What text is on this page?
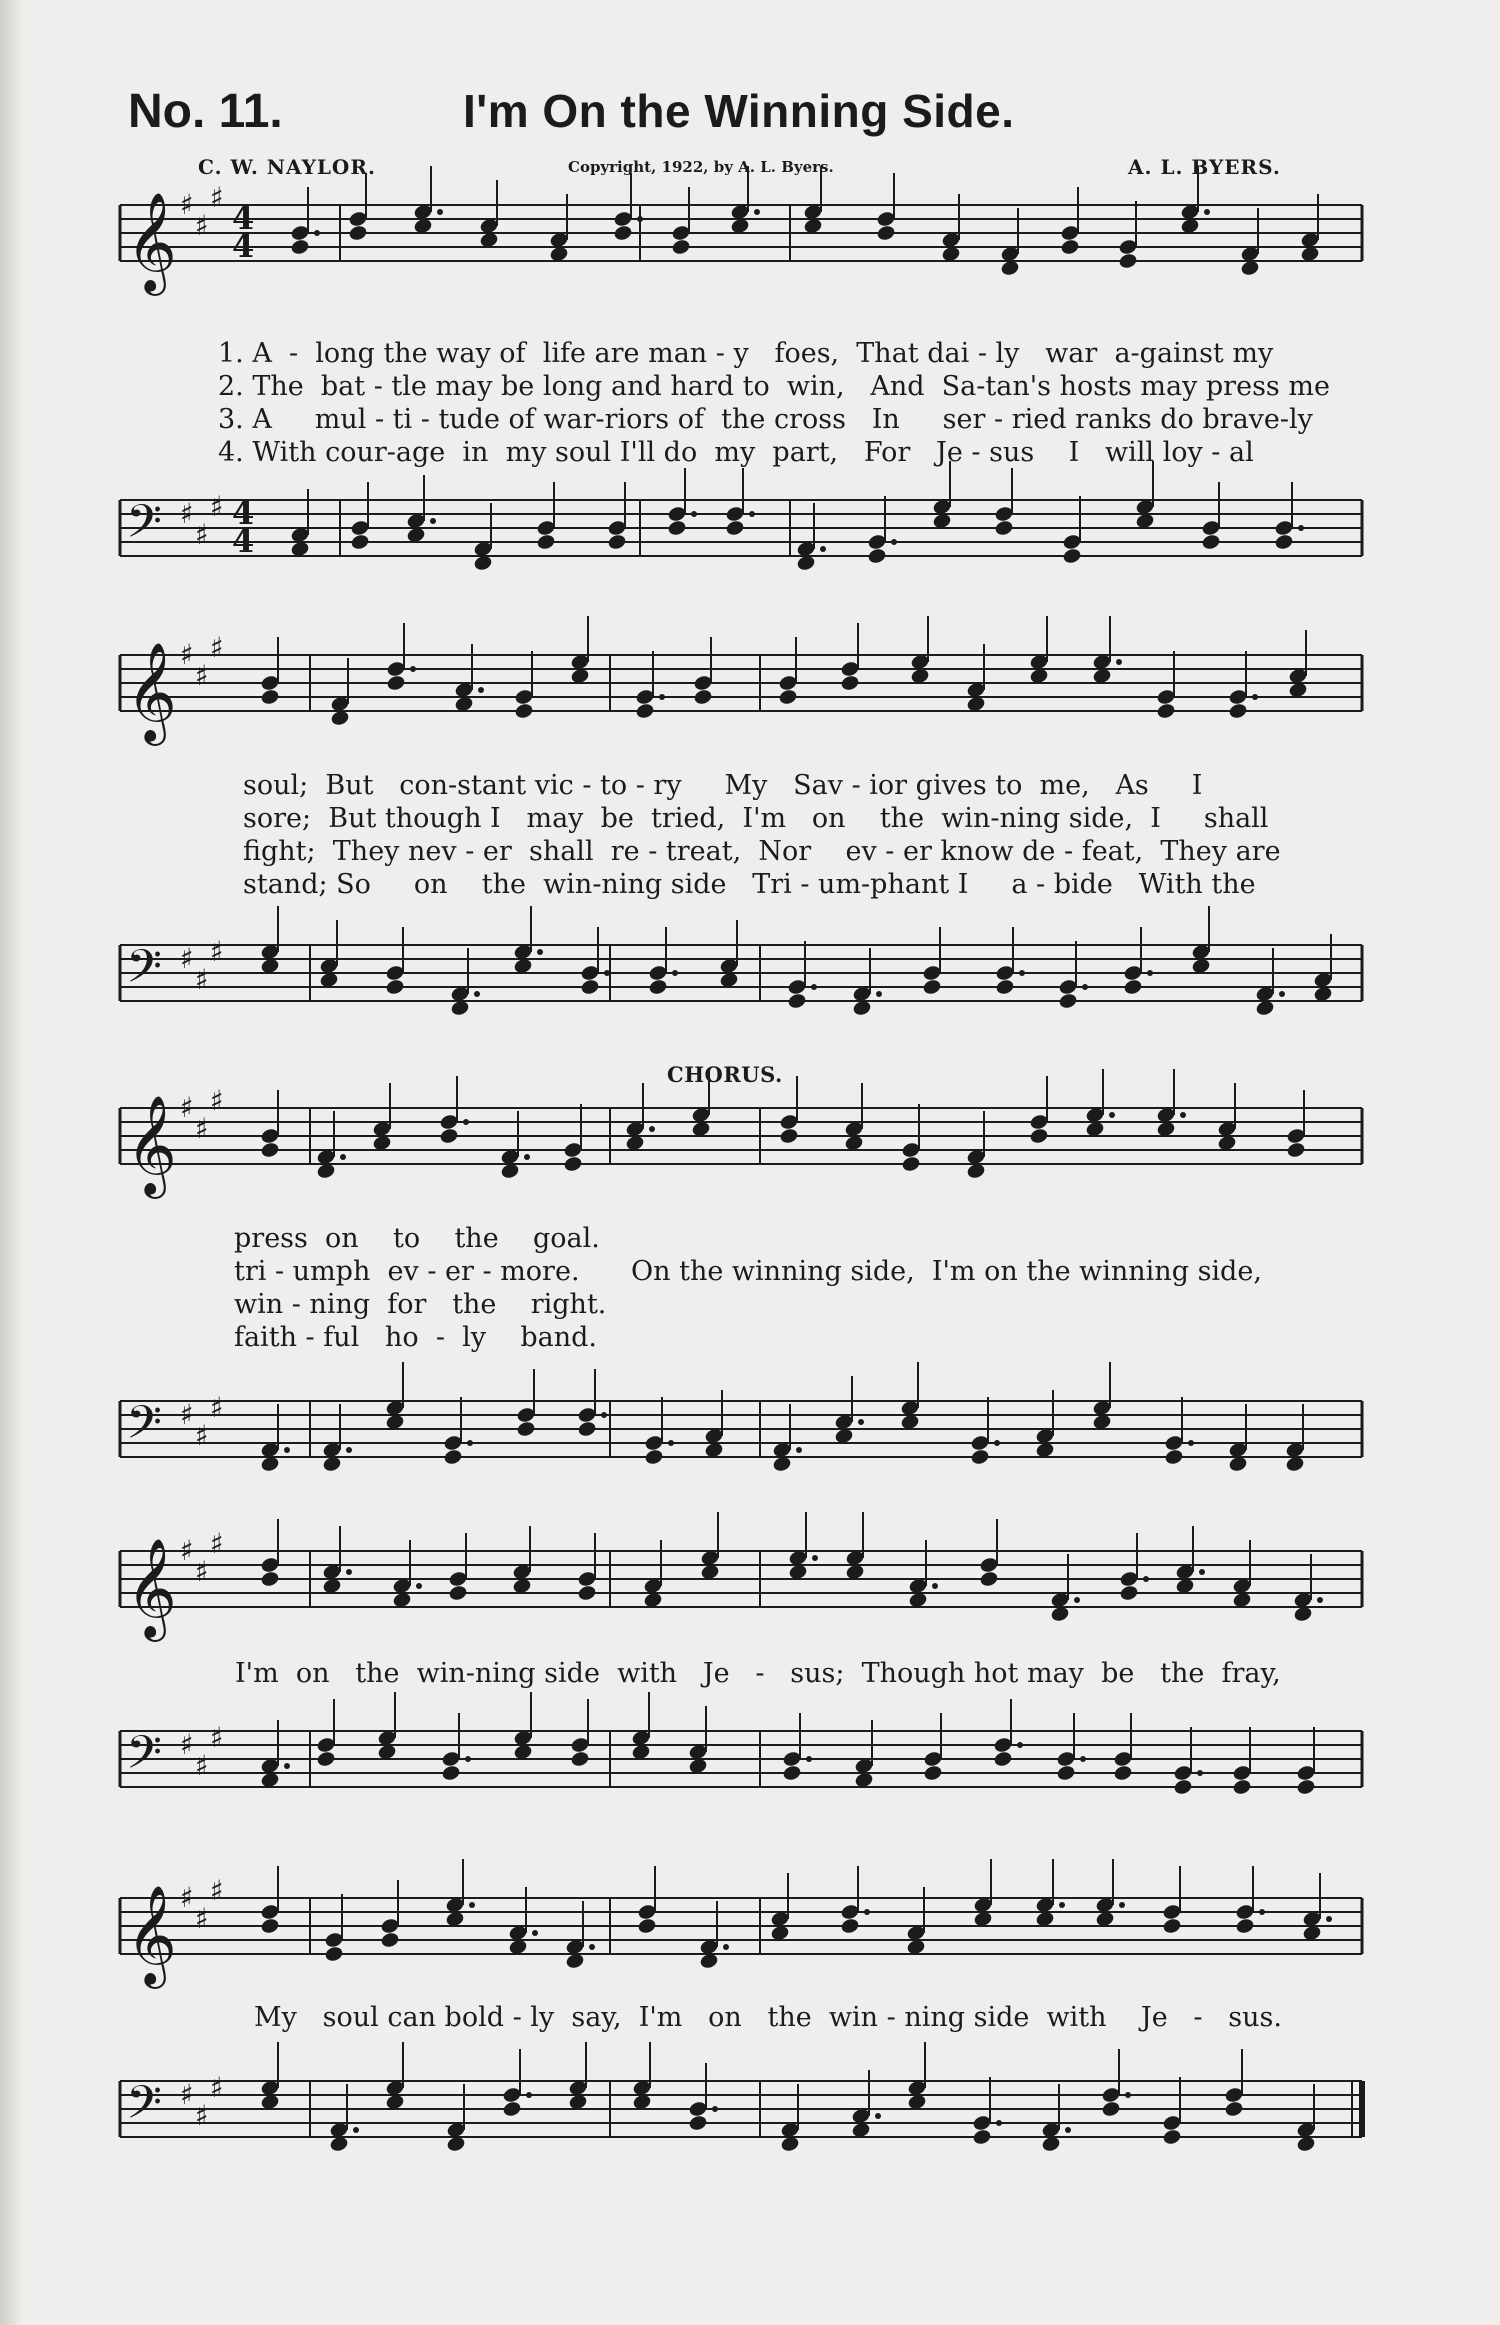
No. 11.	I'm On the Winning Side.
C. W. NAYLOR.	Copyright, 1922, by A. L. Byers.	A. L. BYERS.
𝄞 ♯
♯
♯
4
4

1. A  -  long the way of  life are man - y   foes,  That dai - ly   war  a-gainst my

2. The  bat - tle may be long and hard to  win,   And  Sa-tan's hosts may press me

3. A     mul - ti - tude of war-riors of  the cross   In     ser - ried ranks do brave-ly

4. With cour-age  in  my soul I'll do  my  part,   For   Je - sus    I   will loy - al

𝄢 ♯
♯
♯ 4
4
𝄞 ♯
♯
♯

soul;  But   con-stant vic - to - ry     My   Sav - ior gives to  me,   As     I

sore;  But though I   may  be  tried,  I'm   on    the  win-ning side,  I     shall

fight;  They nev - er  shall  re - treat,  Nor    ev - er know de - feat,  They are

stand; So     on    the  win-ning side   Tri - um-phant I     a - bide   With the

𝄢 ♯
♯
♯
CHORUS.
𝄞 ♯
♯
♯

press  on    to    the    goal.

tri - umph  ev - er - more.      On the winning side,  I'm on the winning side,

win - ning  for   the    right.

faith - ful   ho  -  ly    band.

𝄢 ♯
♯
♯
𝄞 ♯
♯
♯

I'm  on   the  win-ning side  with   Je   -   sus;  Though hot may  be   the  fray,

𝄢 ♯
♯
♯
𝄞 ♯
♯
♯

My   soul can bold - ly  say,  I'm   on   the  win - ning side  with    Je   -   sus.

𝄢 ♯
♯
♯
